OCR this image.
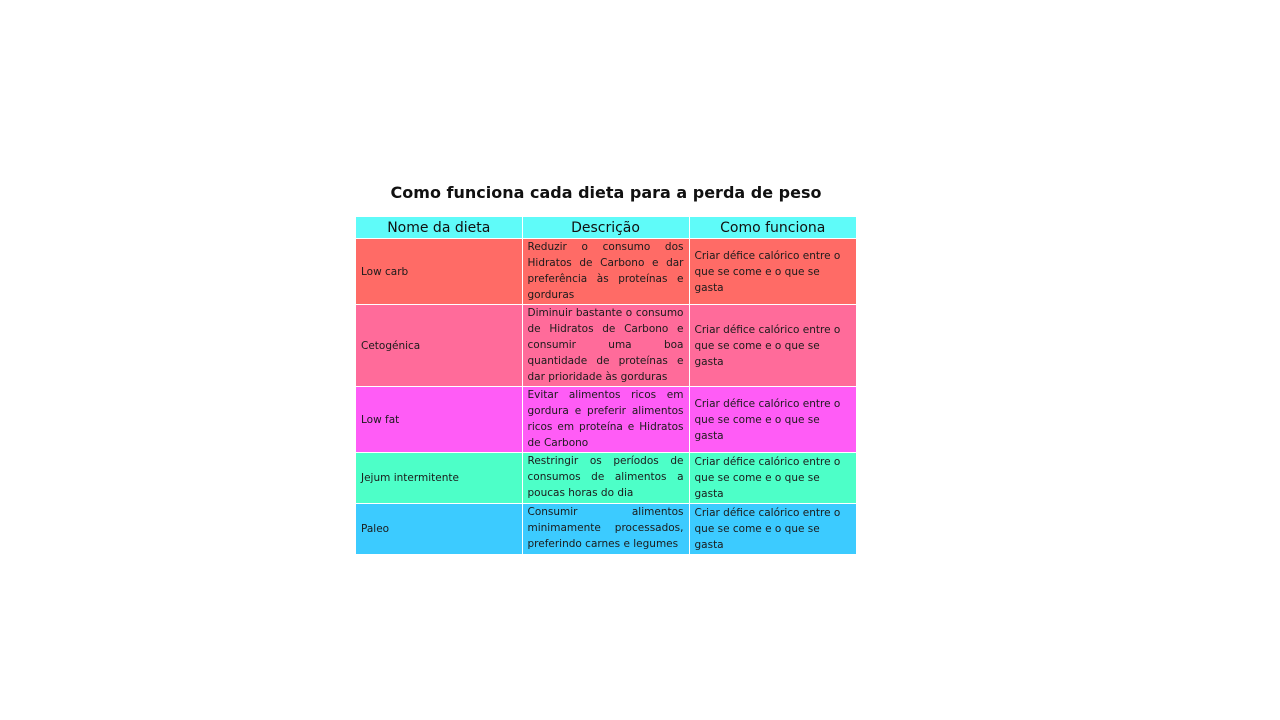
Como funciona cada dieta para a perda de peso
Nome da dieta	Descrição	Como funciona
Low carb	Reduzir o consumo dos Hidratos de Carbono e dar preferência às proteínas e gorduras	Criar défice calórico entre o que se come e o que se gasta
Cetogénica	Diminuir bastante o consumo de Hidratos de Carbono e consumir uma boa quantidade de proteínas e dar prioridade às gorduras	Criar défice calórico entre o que se come e o que se gasta
Low fat	Evitar alimentos ricos em gordura e preferir alimentos ricos em proteína e Hidratos de Carbono	Criar défice calórico entre o que se come e o que se gasta
Jejum intermitente	Restringir os períodos de consumos de alimentos a poucas horas do dia	Criar défice calórico entre o que se come e o que se gasta
Paleo	Consumir alimentos minimamente processados, preferindo carnes e legumes	Criar défice calórico entre o que se come e o que se gasta
